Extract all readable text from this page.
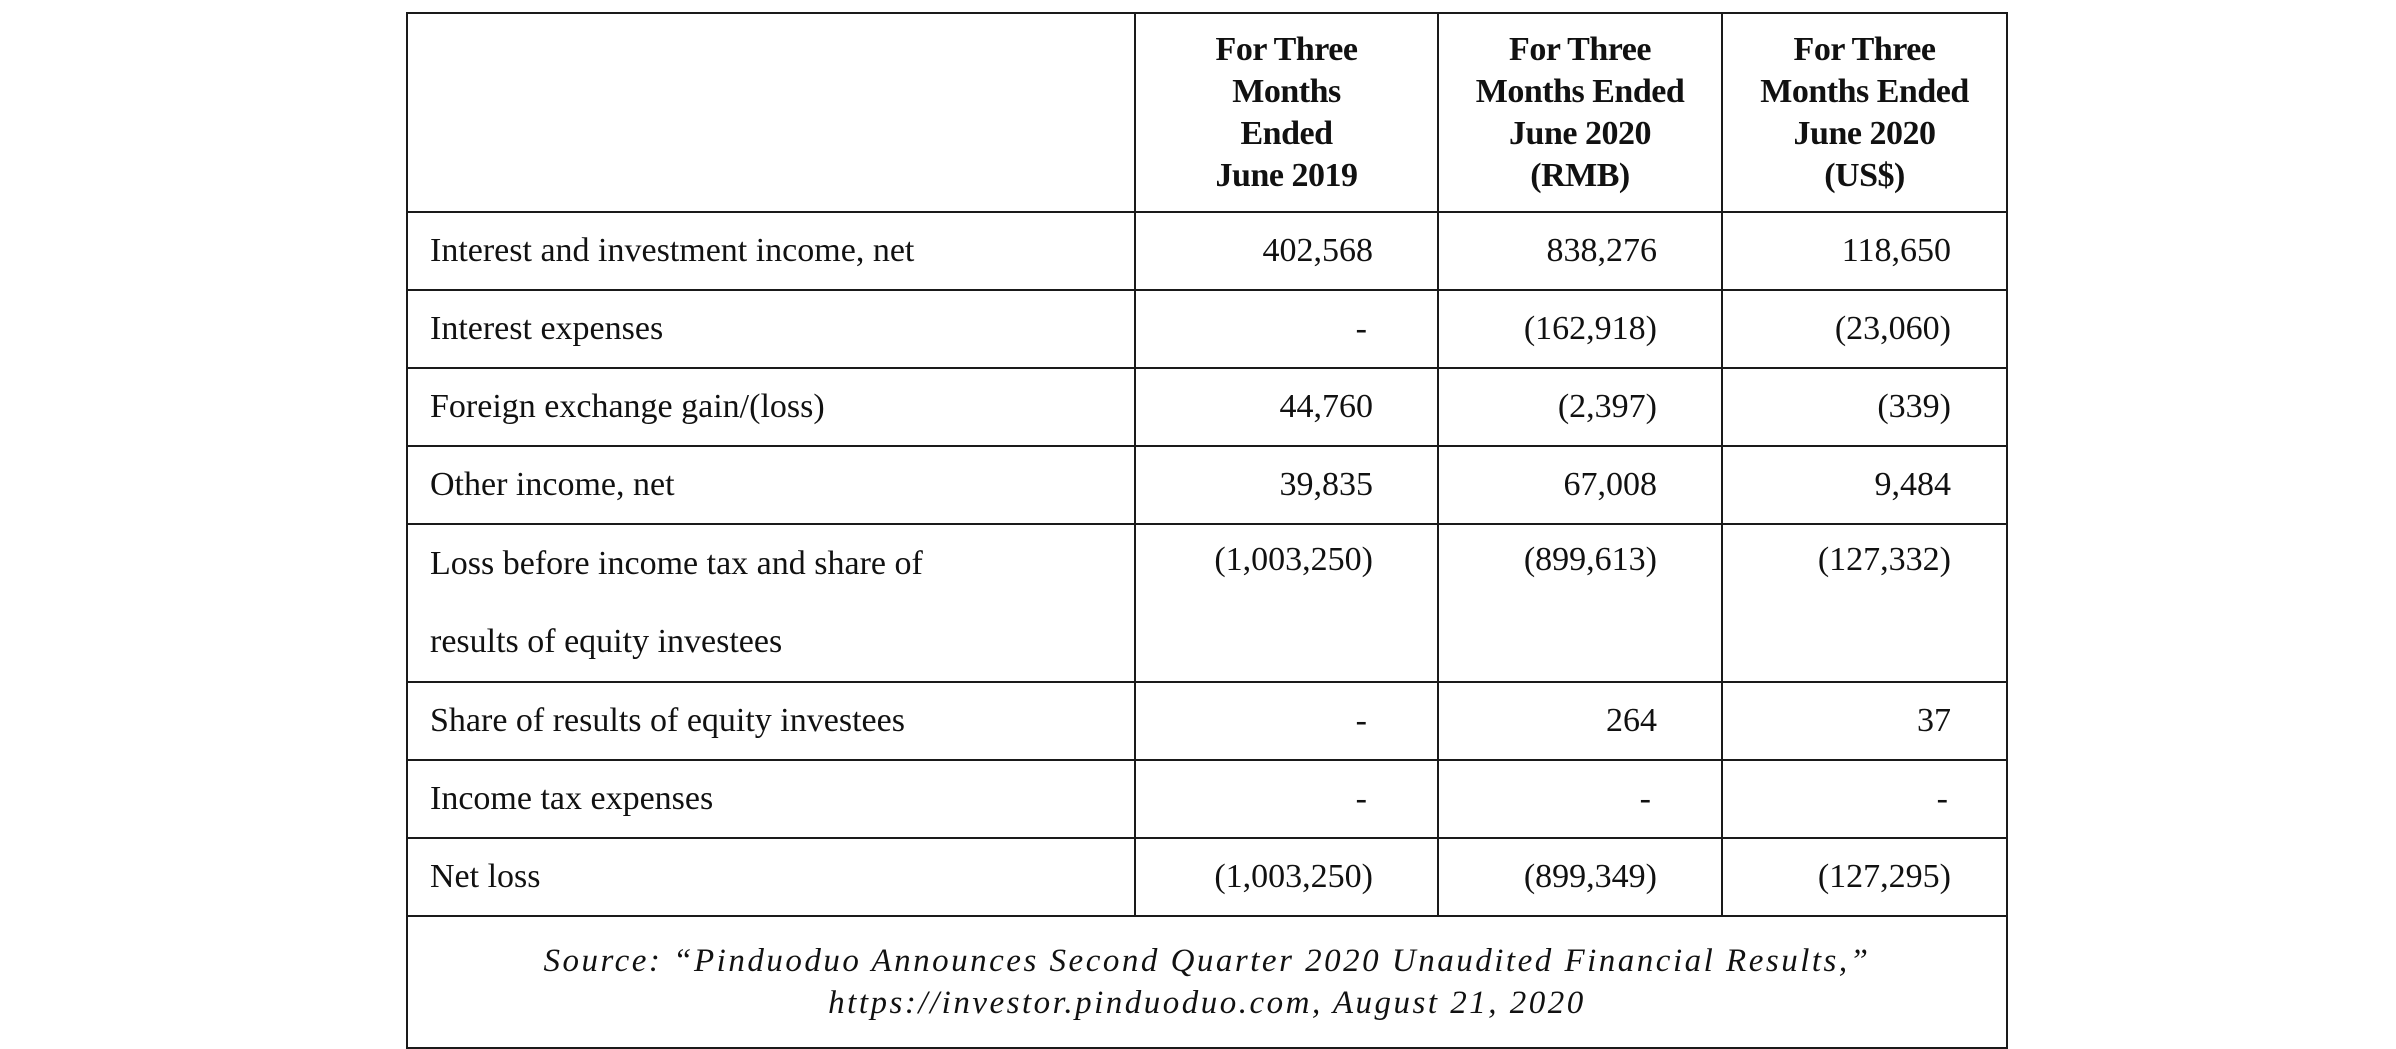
	For Three
Months
Ended
June 2019	For Three
Months Ended
June 2020
(RMB)	For Three
Months Ended
June 2020
(US$)

Interest and investment income, net	402,568	838,276	118,650
Interest expenses	-	(162,918)	(23,060)
Foreign exchange gain/(loss)	44,760	(2,397)	(339)
Other income, net	39,835	67,008	9,484

Loss before income tax and share of
results of equity investees	(1,003,250)	(899,613)	(127,332)
Share of results of equity investees	-	264	37
Income tax expenses	-	-	-
Net loss	(1,003,250)	(899,349)	(127,295)

Source: “Pinduoduo Announces Second Quarter 2020 Unaudited Financial Results,”
https://investor.pinduoduo.com, August 21, 2020			
